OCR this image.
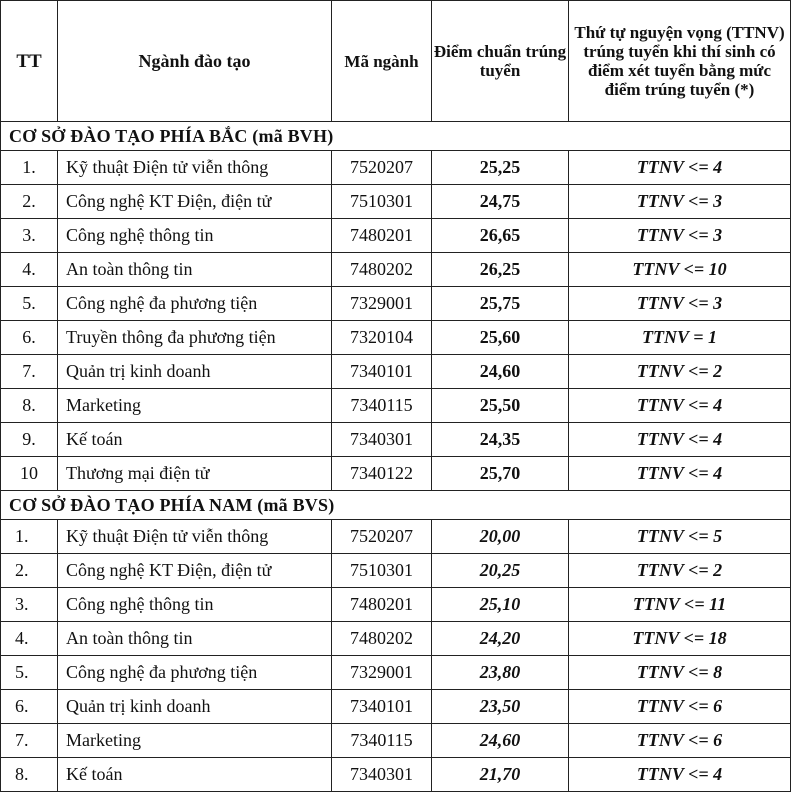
TT	Ngành đào tạo	Mã ngành	Điểm chuẩn trúng tuyển	Thứ tự nguyện vọng (TTNV) trúng tuyển khi thí sinh có điểm xét tuyển bằng mức điểm trúng tuyển (*)
CƠ SỞ ĐÀO TẠO PHÍA BẮC (mã BVH)				
1.	Kỹ thuật Điện tử viễn thông	7520207	25,25	TTNV <= 4
2.	Công nghệ KT Điện, điện tử	7510301	24,75	TTNV <= 3
3.	Công nghệ thông tin	7480201	26,65	TTNV <= 3
4.	An toàn thông tin	7480202	26,25	TTNV <= 10
5.	Công nghệ đa phương tiện	7329001	25,75	TTNV <= 3
6.	Truyền thông đa phương tiện	7320104	25,60	TTNV = 1
7.	Quản trị kinh doanh	7340101	24,60	TTNV <= 2
8.	Marketing	7340115	25,50	TTNV <= 4
9.	Kế toán	7340301	24,35	TTNV <= 4
10	Thương mại điện tử	7340122	25,70	TTNV <= 4
CƠ SỞ ĐÀO TẠO PHÍA NAM (mã BVS)				
1.	Kỹ thuật Điện tử viễn thông	7520207	20,00	TTNV <= 5
2.	Công nghệ KT Điện, điện tử	7510301	20,25	TTNV <= 2
3.	Công nghệ thông tin	7480201	25,10	TTNV <= 11
4.	An toàn thông tin	7480202	24,20	TTNV <= 18
5.	Công nghệ đa phương tiện	7329001	23,80	TTNV <= 8
6.	Quản trị kinh doanh	7340101	23,50	TTNV <= 6
7.	Marketing	7340115	24,60	TTNV <= 6
8.	Kế toán	7340301	21,70	TTNV <= 4
